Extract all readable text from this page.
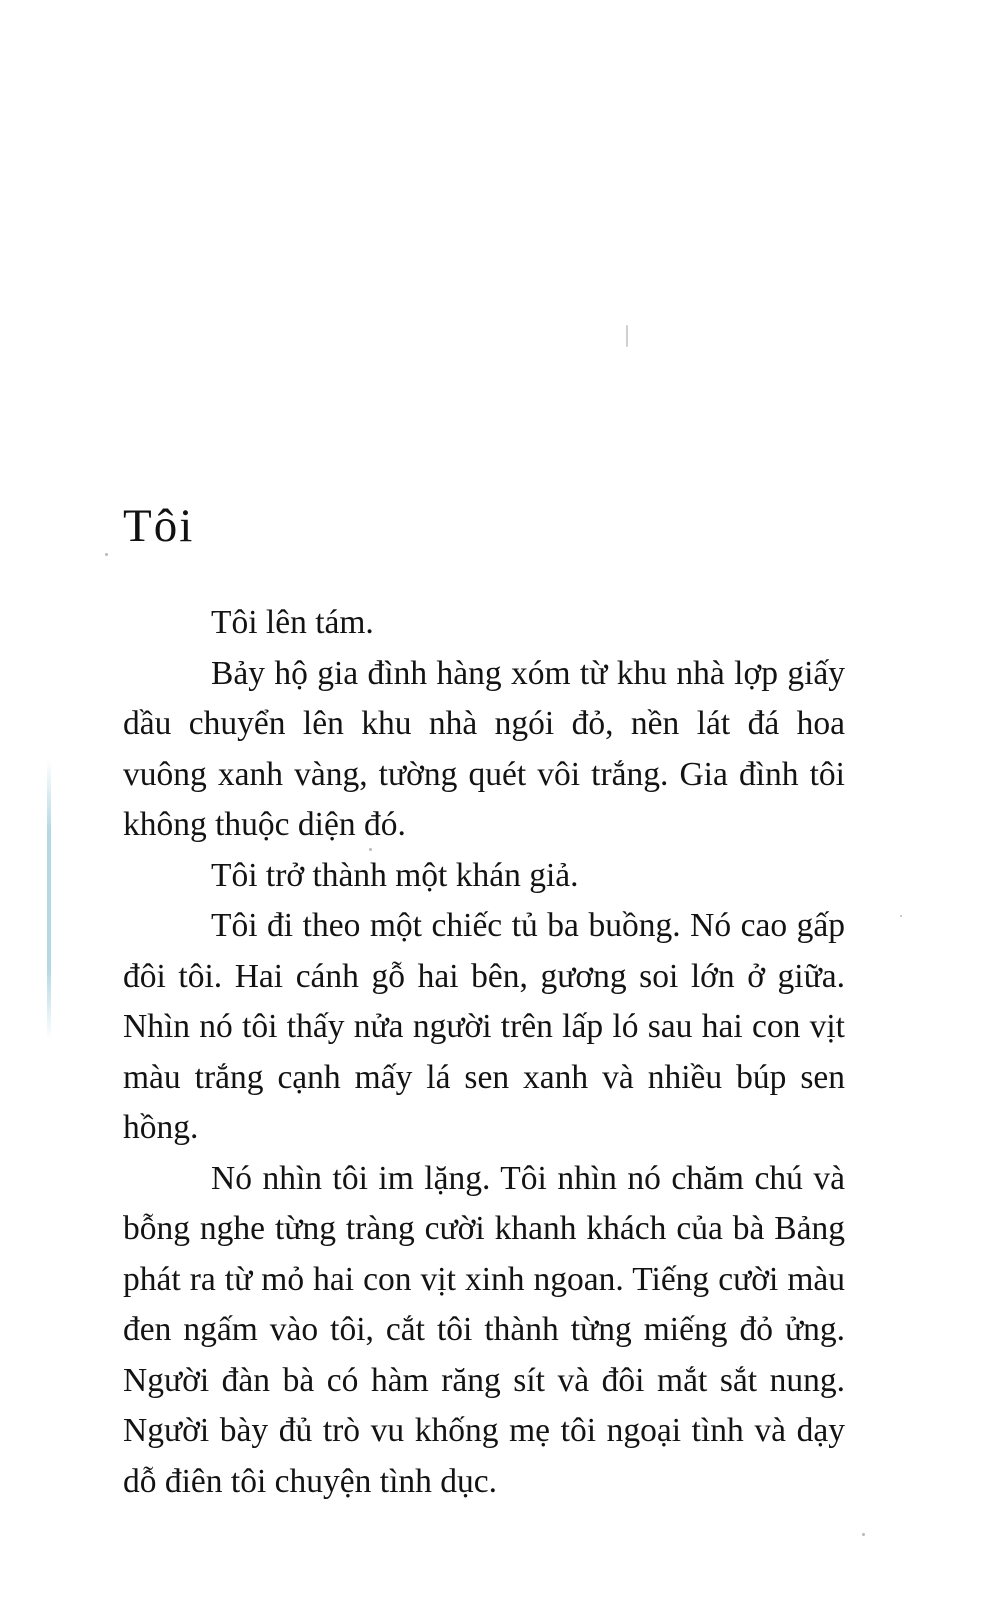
Tôi

Tôi lên tám.

Bảy hộ gia đình hàng xóm từ khu nhà lợp giấy dầu chuyển lên khu nhà ngói đỏ, nền lát đá hoa vuông xanh vàng, tường quét vôi trắng. Gia đình tôi không thuộc diện đó.

Tôi trở thành một khán giả.

Tôi đi theo một chiếc tủ ba buồng. Nó cao gấp đôi tôi. Hai cánh gỗ hai bên, gương soi lớn ở giữa. Nhìn nó tôi thấy nửa người trên lấp ló sau hai con vịt màu trắng cạnh mấy lá sen xanh và nhiều búp sen hồng.

Nó nhìn tôi im lặng. Tôi nhìn nó chăm chú và bỗng nghe từng tràng cười khanh khách của bà Bảng phát ra từ mỏ hai con vịt xinh ngoan. Tiếng cười màu đen ngấm vào tôi, cắt tôi thành từng miếng đỏ ửng. Người đàn bà có hàm răng sít và đôi mắt sắt nung. Người bày đủ trò vu khống mẹ tôi ngoại tình và dạy dỗ điên tôi chuyện tình dục.
